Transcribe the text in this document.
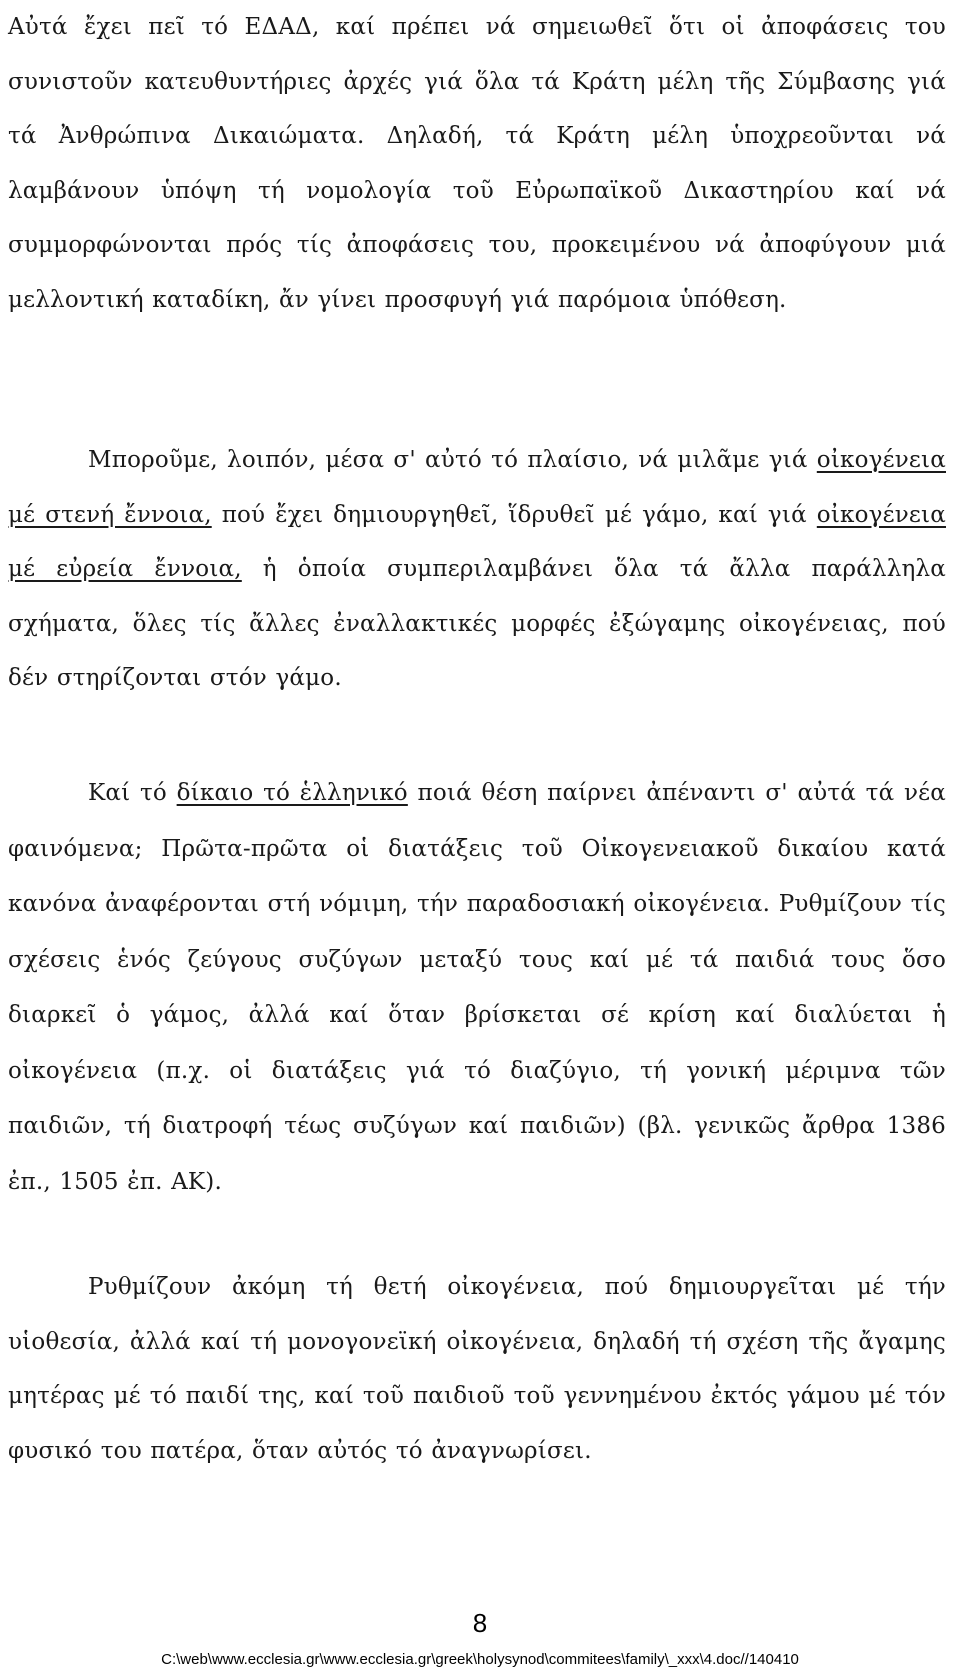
Αὐτά ἔχει πεῖ τό ΕΔΑΔ, καί πρέπει νά σημειωθεῖ ὅτι οἱ ἀποφάσεις του συνιστοῦν κατευθυντήριες ἀρχές γιά ὅλα τά Κράτη μέλη τῆς Σύμβασης γιά τά Ἀνθρώπινα Δικαιώματα. Δηλαδή, τά Κράτη μέλη ὑποχρεοῦνται νά λαμβάνουν ὑπόψη τή νομολογία τοῦ Εὐρωπαϊκοῦ Δικαστηρίου καί νά συμμορφώνονται πρός τίς ἀποφάσεις του, προκειμένου νά ἀποφύγουν μιά μελλοντική καταδίκη, ἄν γίνει προσφυγή γιά παρόμοια ὑπόθεση.

Μποροῦμε, λοιπόν, μέσα σ' αὐτό τό πλαίσιο, νά μιλᾶμε γιά οἰκογένεια μέ στενή ἔννοια, πού ἔχει δημιουργηθεῖ, ἵδρυθεῖ μέ γάμο, καί γιά οἰκογένεια μέ εὐρεία ἔννοια, ἡ ὁποία συμπεριλαμβάνει ὅλα τά ἄλλα παράλληλα σχήματα, ὅλες τίς ἄλλες ἐναλλακτικές μορφές ἐξώγαμης οἰκογένειας, πού δέν στηρίζονται στόν γάμο.

Καί τό δίκαιο τό ἑλληνικό ποιά θέση παίρνει ἀπέναντι σ' αὐτά τά νέα φαινόμενα; Πρῶτα-πρῶτα οἱ διατάξεις τοῦ Οἰκογενειακοῦ δικαίου κατά κανόνα ἀναφέρονται στή νόμιμη, τήν παραδοσιακή οἰκογένεια. Ρυθμίζουν τίς σχέσεις ἑνός ζεύγους συζύγων μεταξύ τους καί μέ τά παιδιά τους ὅσο διαρκεῖ ὁ γάμος, ἀλλά καί ὅταν βρίσκεται σέ κρίση καί διαλύεται ἡ οἰκογένεια (π.χ. οἱ διατάξεις γιά τό διαζύγιο, τή γονική μέριμνα τῶν παιδιῶν, τή διατροφή τέως συζύγων καί παιδιῶν) (βλ. γενικῶς ἄρθρα 1386 ἐπ., 1505 ἐπ. ΑΚ).

Ρυθμίζουν ἀκόμη τή θετή οἰκογένεια, πού δημιουργεῖται μέ τήν υἱοθεσία, ἀλλά καί τή μονογονεϊκή οἰκογένεια, δηλαδή τή σχέση τῆς ἄγαμης μητέρας μέ τό παιδί της, καί τοῦ παιδιοῦ τοῦ γεννημένου ἐκτός γάμου μέ τόν φυσικό του πατέρα, ὅταν αὐτός τό ἀναγνωρίσει.

8
C:\web\www.ecclesia.gr\www.ecclesia.gr\greek\holysynod\commitees\family\_xxx\4.doc//140410
